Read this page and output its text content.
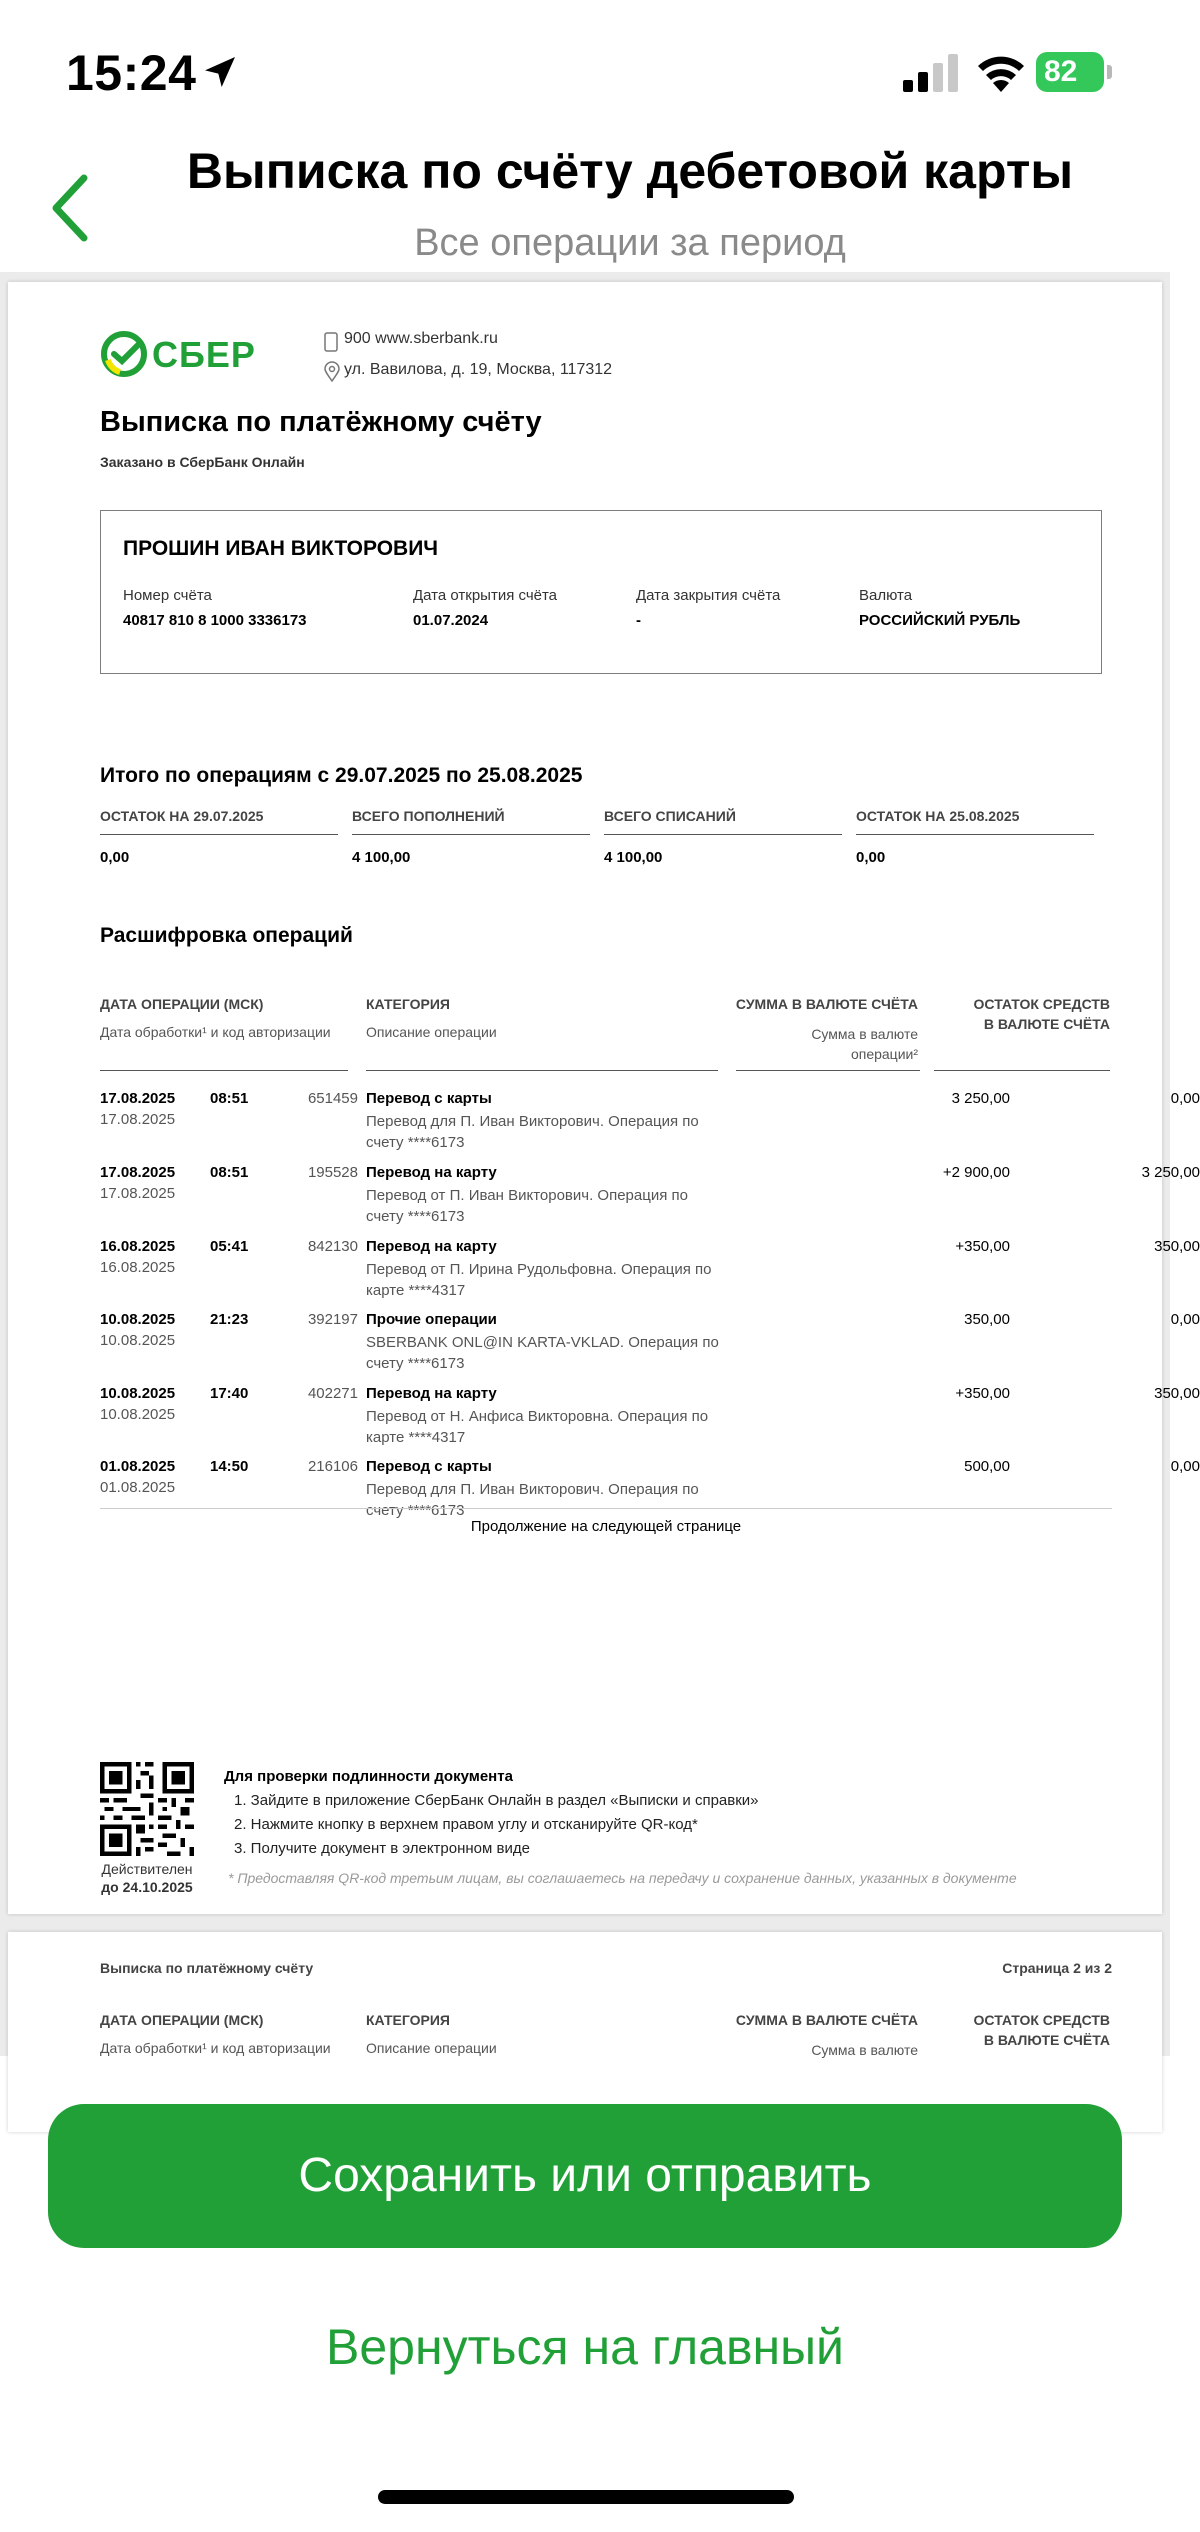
15:24	82
Выписка по счёту дебетовой карты
Все операции за период
СБЕР	900 www.sberbank.ru
ул. Вавилова, д. 19, Москва, 117312
Выписка по платёжному счёту
Заказано в СберБанк Онлайн
ПРОШИН ИВАН ВИКТОРОВИЧ
Номер счёта
40817 810 8 1000 3336173
Дата открытия счёта
01.07.2024
Дата закрытия счёта
-
Валюта
РОССИЙСКИЙ РУБЛЬ
Итого по операциям с 29.07.2025 по 25.08.2025
ОСТАТОК НА 29.07.2025
0,00
ВСЕГО ПОПОЛНЕНИЙ
4 100,00
ВСЕГО СПИСАНИЙ
4 100,00
ОСТАТОК НА 25.08.2025
0,00
Расшифровка операций
ДАТА ОПЕРАЦИИ (МСК)
Дата обработки¹ и код авторизации
КАТЕГОРИЯ
Описание операции
СУММА В ВАЛЮТЕ СЧЁТА
Сумма в валюте
операции²
ОСТАТОК СРЕДСТВ
В ВАЛЮТЕ СЧЁТА
17.08.2025
17.08.2025
08:51	651459 Перевод с карты
Перевод для П. Иван Викторович. Операция по
счету ****6173
3 250,00	0,00
17.08.2025
17.08.2025
08:51	195528 Перевод на карту
Перевод от П. Иван Викторович. Операция по
счету ****6173
+2 900,00	3 250,00
16.08.2025
16.08.2025
05:41	842130 Перевод на карту
Перевод от П. Ирина Рудольфовна. Операция по
карте ****4317
+350,00	350,00
10.08.2025
10.08.2025
21:23	392197 Прочие операции
SBERBANK ONL@IN KARTA-VKLAD. Операция по
счету ****6173
350,00	0,00
10.08.2025
10.08.2025
17:40	402271 Перевод на карту
Перевод от Н. Анфиса Викторовна. Операция по
карте ****4317
+350,00	350,00
01.08.2025
01.08.2025
14:50	216106 Перевод с карты
Перевод для П. Иван Викторович. Операция по
счету ****6173
500,00	0,00
Продолжение на следующей странице
Действителен
до 24.10.2025
Для проверки подлинности документа
1. Зайдите в приложение СберБанк Онлайн в раздел «Выписки и справки»
2. Нажмите кнопку в верхнем правом углу и отсканируйте QR-код*
3. Получите документ в электронном виде
* Предоставляя QR-код третьим лицам, вы соглашаетесь на передачу и сохранение данных, указанных в документе
Выписка по платёжному счёту	Страница 2 из 2
ДАТА ОПЕРАЦИИ (МСК)
Дата обработки¹ и код авторизации
КАТЕГОРИЯ
Описание операции
СУММА В ВАЛЮТЕ СЧЁТА
Сумма в валюте
ОСТАТОК СРЕДСТВ
В ВАЛЮТЕ СЧЁТА
Сохранить или отправить
Вернуться на главный
